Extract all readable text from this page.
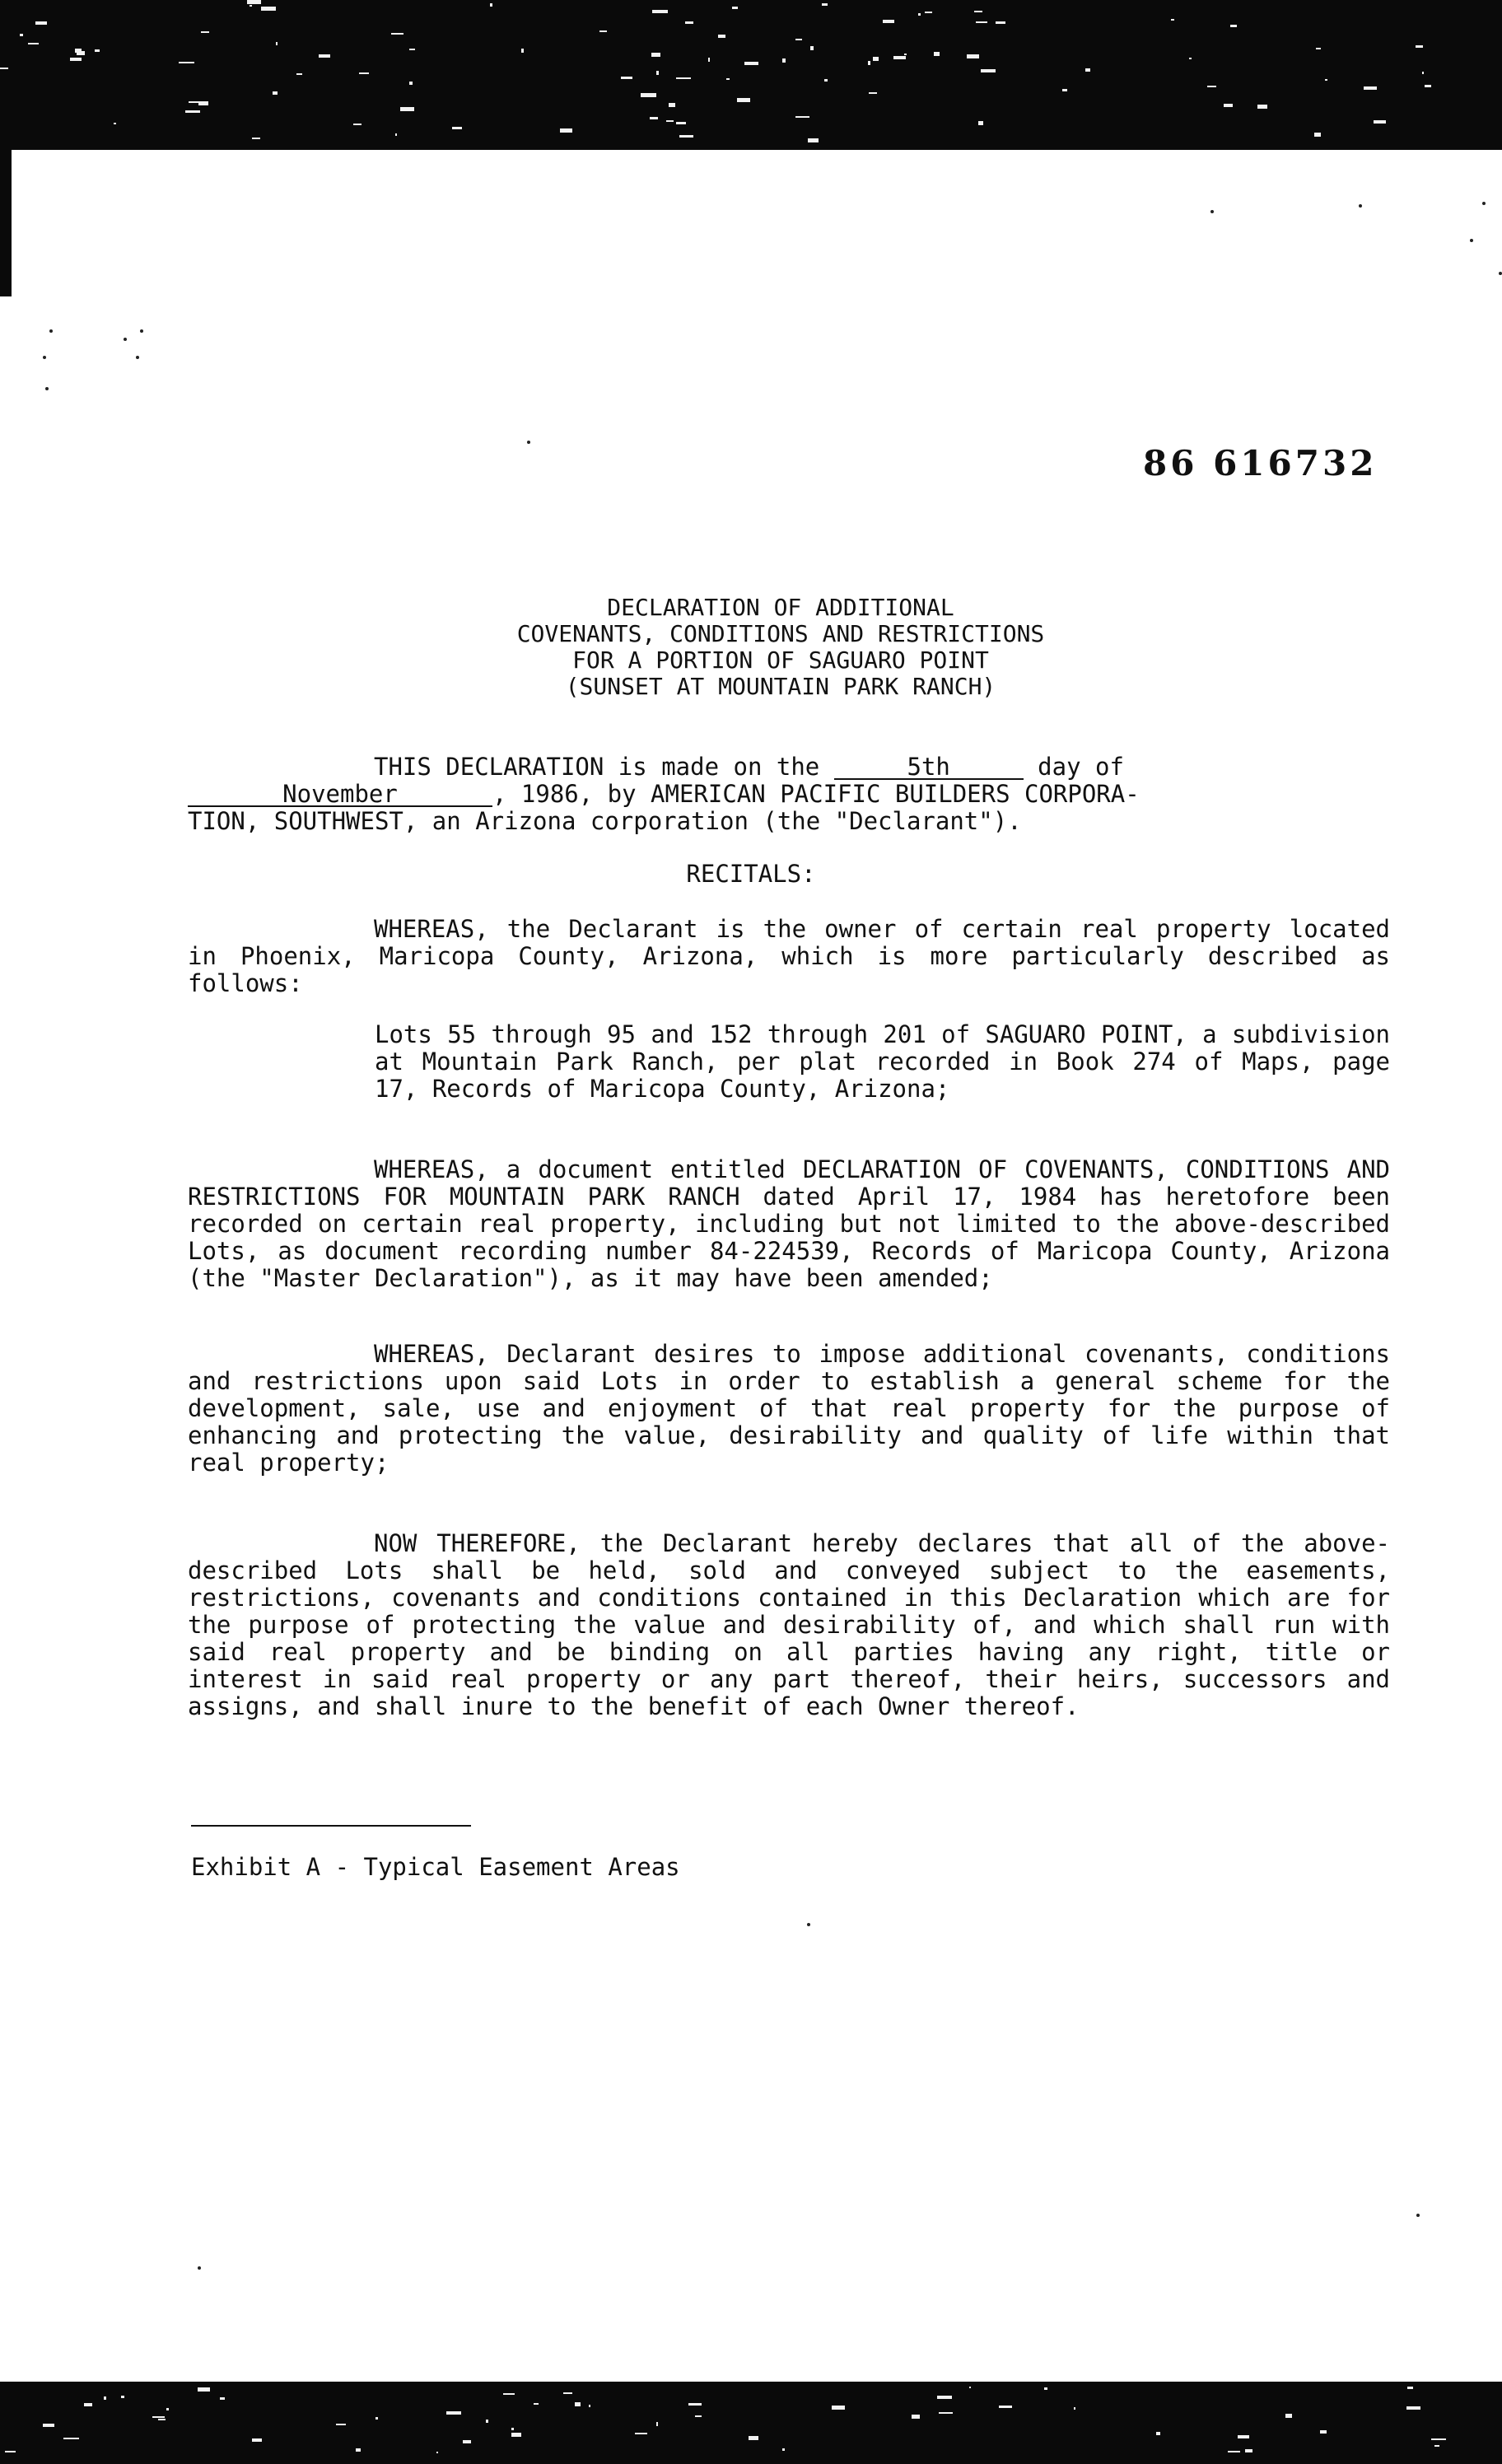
86 616732
DECLARATION OF ADDITIONAL
COVENANTS, CONDITIONS AND RESTRICTIONS
FOR A PORTION OF SAGUARO POINT
(SUNSET AT MOUNTAIN PARK RANCH)
THIS DECLARATION is made on the	5th	day of
November	, 1986, by AMERICAN PACIFIC BUILDERS CORPORA-
TION, SOUTHWEST, an Arizona corporation (the "Declarant").
RECITALS:
WHEREAS, the Declarant is the owner of certain real property located in Phoenix, Maricopa County, Arizona, which is more particularly described as follows:
Lots 55 through 95 and 152 through 201 of SAGUARO POINT, a subdivision at Mountain Park Ranch, per plat recorded in Book 274 of Maps, page 17, Records of Maricopa County, Arizona;
WHEREAS, a document entitled DECLARATION OF COVENANTS, CONDITIONS AND RESTRICTIONS FOR MOUNTAIN PARK RANCH dated April 17, 1984 has heretofore been recorded on certain real property, including but not limited to the above-described Lots, as document recording number 84-224539, Records of Maricopa County, Arizona (the "Master Declaration"), as it may have been amended;
WHEREAS, Declarant desires to impose additional covenants, conditions and restrictions upon said Lots in order to establish a general scheme for the development, sale, use and enjoyment of that real property for the purpose of enhancing and protecting the value, desirability and quality of life within that real property;
NOW THEREFORE, the Declarant hereby declares that all of the above-described Lots shall be held, sold and conveyed subject to the easements, restrictions, covenants and conditions contained in this Declaration which are for the purpose of protecting the value and desirability of, and which shall run with said real property and be binding on all parties having any right, title or interest in said real property or any part thereof, their heirs, successors and assigns, and shall inure to the benefit of each Owner thereof.
Exhibit A - Typical Easement Areas
